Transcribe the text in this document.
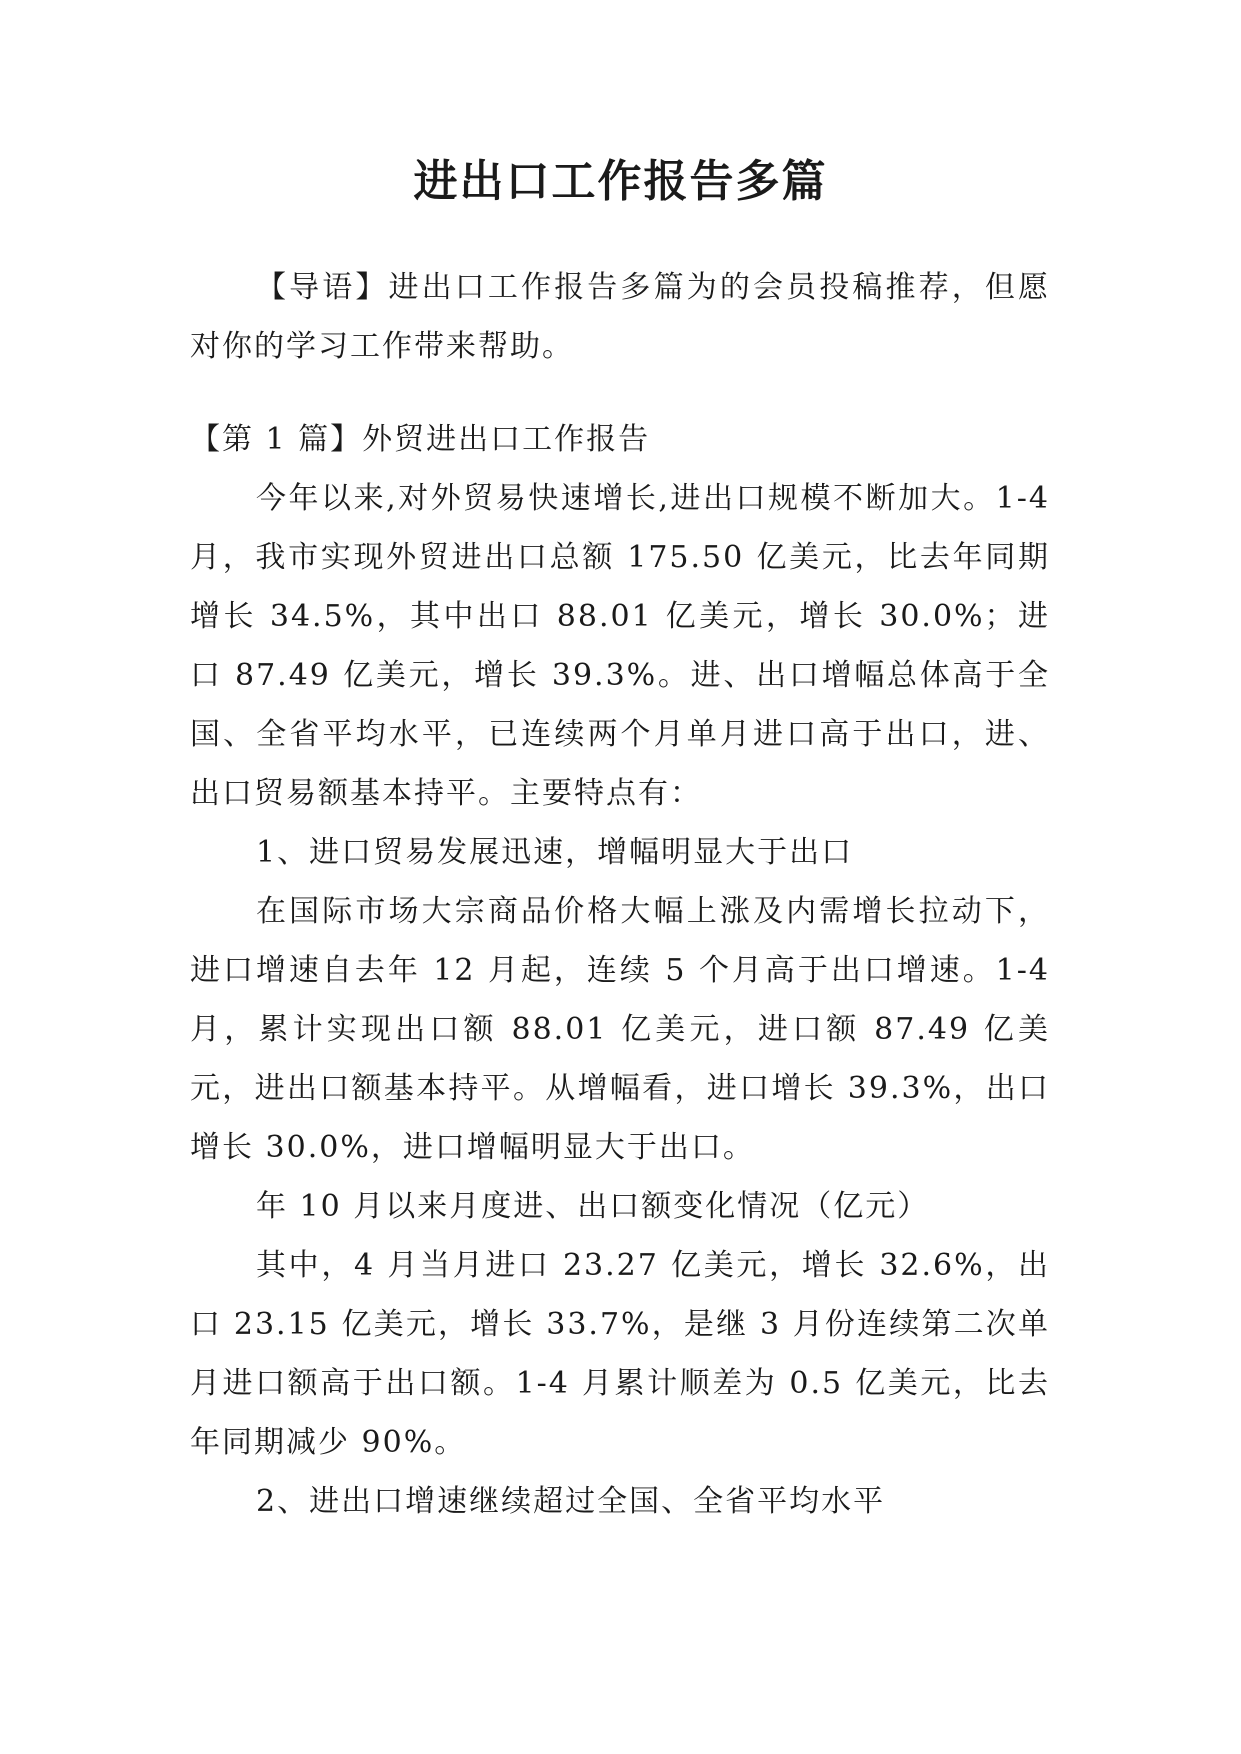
进出口工作报告多篇

【导语】进出口工作报告多篇为的会员投稿推荐，但愿对你的学习工作带来帮助。

【第 1 篇】外贸进出口工作报告

今年以来,对外贸易快速增长,进出口规模不断加大。1-4 月，我市实现外贸进出口总额 175.50 亿美元，比去年同期增长 34.5%，其中出口 88.01 亿美元，增长 30.0%；进口 87.49 亿美元，增长 39.3%。进、出口增幅总体高于全国、全省平均水平，已连续两个月单月进口高于出口，进、出口贸易额基本持平。主要特点有：

1、进口贸易发展迅速，增幅明显大于出口

在国际市场大宗商品价格大幅上涨及内需增长拉动下，进口增速自去年 12 月起，连续 5 个月高于出口增速。1-4 月，累计实现出口额 88.01 亿美元，进口额 87.49 亿美元，进出口额基本持平。从增幅看，进口增长 39.3%，出口增长 30.0%，进口增幅明显大于出口。

年 10 月以来月度进、出口额变化情况（亿元）

其中，4 月当月进口 23.27 亿美元，增长 32.6%，出口 23.15 亿美元，增长 33.7%，是继 3 月份连续第二次单月进口额高于出口额。1-4 月累计顺差为 0.5 亿美元，比去年同期减少 90%。

2、进出口增速继续超过全国、全省平均水平
